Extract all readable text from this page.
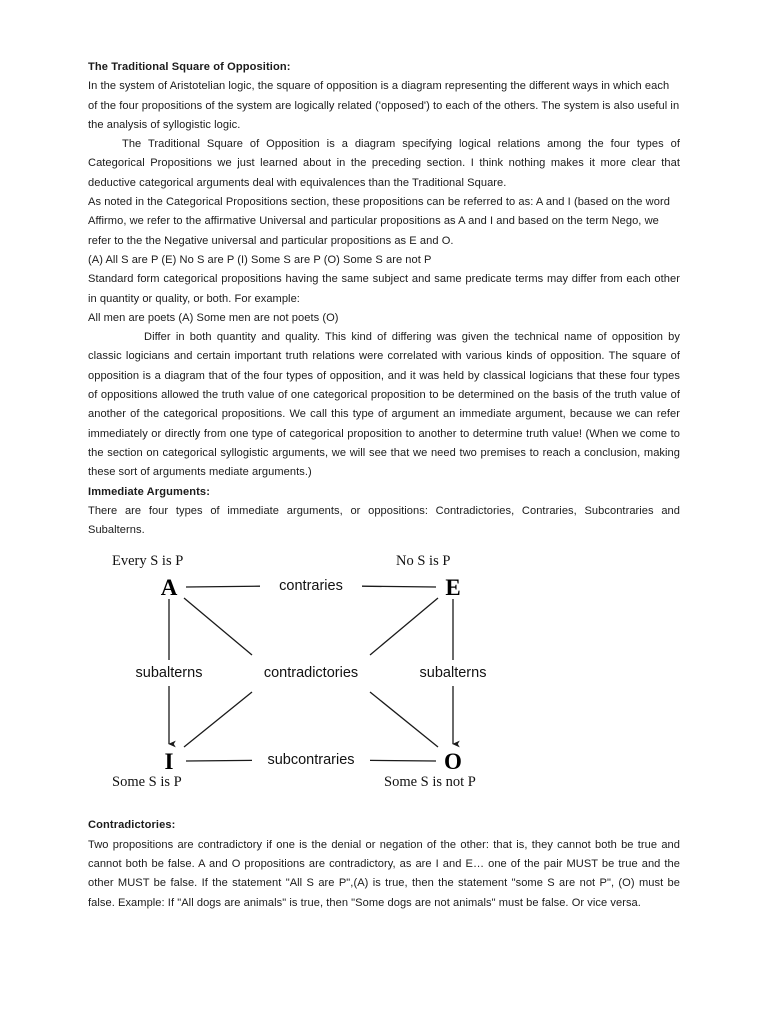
The Traditional Square of Opposition:

In the system of Aristotelian logic, the square of opposition is a diagram representing the different ways in which each of the four propositions of the system are logically related ('opposed') to each of the others. The system is also useful in the analysis of syllogistic logic.

The Traditional Square of Opposition is a diagram specifying logical relations among the four types of Categorical Propositions we just learned about in the preceding section. I think nothing makes it more clear that deductive categorical arguments deal with equivalences than the Traditional Square.

As noted in the Categorical Propositions section, these propositions can be referred to as: A and I (based on the word Affirmo, we refer to the affirmative Universal and particular propositions as A and I and based on the term Nego, we refer to the the Negative universal and particular propositions as E and O.

(A) All S are P (E) No S are P (I) Some S are P (O) Some S are not P

Standard form categorical propositions having the same subject and same predicate terms may differ from each other in quantity or quality, or both. For example:

All men are poets (A) Some men are not poets (O)

Differ in both quantity and quality. This kind of differing was given the technical name of opposition by classic logicians and certain important truth relations were correlated with various kinds of opposition. The square of opposition is a diagram that of the four types of opposition, and it was held by classical logicians that these four types of oppositions allowed the truth value of one categorical proposition to be determined on the basis of the truth value of another of the categorical propositions. We call this type of argument an immediate argument, because we can refer immediately or directly from one type of categorical proposition to another to determine truth value! (When we come to the section on categorical syllogistic arguments, we will see that we need two premises to reach a conclusion, making these sort of arguments mediate arguments.)

Immediate Arguments:

There are four types of immediate arguments, or oppositions: Contradictories, Contraries, Subcontraries and Subalterns.

Every S is P	No S is P
Some S is P	Some S is not P
A	E
I	O
contraries
subcontraries
contradictories
subalterns	subalterns
Contradictories:

Two propositions are contradictory if one is the denial or negation of the other: that is, they cannot both be true and cannot both be false. A and O propositions are contradictory, as are I and E… one of the pair MUST be true and the other MUST be false. If the statement "All S are P",(A) is true, then the statement "some S are not P", (O) must be false. Example: If "All dogs are animals" is true, then "Some dogs are not animals" must be false. Or vice versa.
